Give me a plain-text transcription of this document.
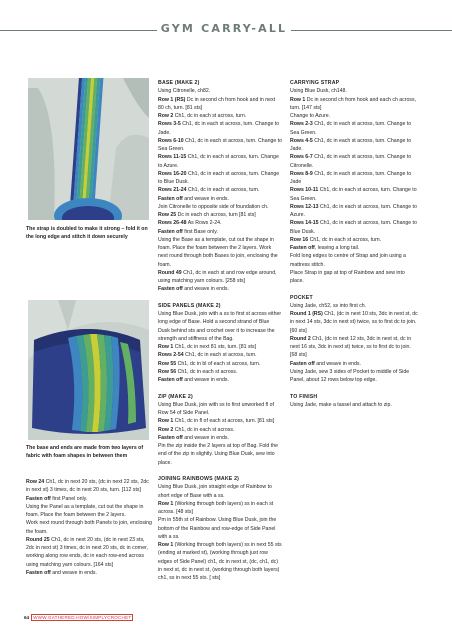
GYM CARRY-ALL
The strap is doubled to make it strong – fold it on the long edge and stitch it down securely
The base and ends are made from two layers of fabric with foam shapes in between them

Row 24 Ch1, dc in next 20 sts, (dc in next 22 sts, 2dc in next st) 3 times, dc in next 20 sts, turn. [112 sts]

Fasten off first Panel only.

Using the Panel as a template, cut out the shape in foam. Place the foam between the 2 layers.

Work next round through both Panels to join, enclosing the foam.

Round 25 Ch1, dc in next 20 sts, (dc in next 23 sts, 2dc in next st) 3 times, dc in next 20 sts, dc in corner, working along row ends, dc in each row-end across using matching yarn colours. [164 sts]

Fasten off and weave in ends.

BASE (MAKE 2)

Using Citronelle, ch82.

Row 1 (RS) Dc in second ch from hook and in next 80 ch, turn. [81 sts]

Row 2 Ch1, dc in each st across, turn.

Rows 3-5 Ch1, dc in each st across, turn. Change to Jade.

Rows 6-10 Ch1, dc in each st across, turn. Change to Sea Green.

Rows 11-15 Ch1, dc in each st across, turn. Change to Azure.

Rows 16-20 Ch1, dc in each st across, turn. Change to Blue Dusk.

Rows 21-24 Ch1, dc in each st across, turn.

Fasten off and weave in ends.

Join Citronelle to opposite side of foundation ch.

Row 25 Dc in each ch across, turn [81 sts]

Rows 26-48 As Rows 2-24.

Fasten off first Base only.

Using the Base as a template, cut out the shape in foam. Place the foam between the 2 layers. Work next round through both Bases to join, enclosing the foam.

Round 49 Ch1, dc in each st and row edge around, using matching yarn colours. [258 sts]

Fasten off and weave in ends.

SIDE PANELS (MAKE 2)

Using Blue Dusk, join with a ss to first st across either long edge of Base. Hold a second strand of Blue Dusk behind sts and crochet over it to increase the strength and stiffness of the Bag.

Row 1 Ch1, dc in next 81 sts, turn. [81 sts]

Rows 2-54 Ch1, dc in each st across, turn.

Row 55 Ch1, dc in bl of each st across, turn.

Row 56 Ch1, dc in each st across.

Fasten off and weave in ends.

ZIP (MAKE 2)

Using Blue Dusk, join with ss to first unworked fl of Row 54 of Side Panel.

Row 1 Ch1, dc in fl of each st across, turn. [81 sts]

Row 2 Ch1, dc in each st across.

Fasten off and weave in ends.

Pin the zip inside the 2 layers at top of Bag. Fold the end of the zip in slightly. Using Blue Dusk, sew into place.

JOINING RAINBOWS (MAKE 2)

Using Blue Dusk, join straight edge of Rainbow to short edge of Base with a ss.

Row 1 (Working through both layers) ss in each st across. [48 sts]

Pm in 55th st of Rainbow. Using Blue Dusk, join the bottom of the Rainbow and row-edge of Side Panel with a ss.

Row 1 (Working through both layers) ss in next 55 sts (ending at marked st), (working through just row edges of Side Panel) ch1, dc in next st, (dc, ch1, dc) in next st, dc in next st, (working through both layers) ch1, ss in next 55 sts. [ sts]

CARRYING STRAP

Using Blue Dusk, ch148.

Row 1 Dc in second ch from hook and each ch across, turn. [147 sts]

Change to Azure.

Rows 2-3 Ch1, dc in each st across, turn. Change to Sea Green.

Rows 4-5 Ch1, dc in each st across, turn. Change to Jade.

Rows 6-7 Ch1, dc in each st across, turn. Change to Citronelle.

Rows 8-9 Ch1, dc in each st across, turn. Change to Jade

Rows 10-11 Ch1, dc in each st across, turn. Change to Sea Green.

Rows 12-13 Ch1, dc in each st across, turn. Change to Azure.

Rows 14-15 Ch1, dc in each st across, turn. Change to Blue Dusk.

Row 16 Ch1, dc in each st across, turn.

Fasten off, leaving a long tail.

Fold long edges to centre of Strap and join using a mattress stitch.

Place Strap in gap at top of Rainbow and sew into place.

POCKET

Using Jade, ch52, ss into first ch.

Round 1 (RS) Ch1, (dc in next 10 sts, 3dc in next st, dc in next 14 sts, 3dc in next st) twice, ss to first dc to join. [60 sts]

Round 2 Ch1, (dc in next 12 sts, 3dc in next st, dc in next 16 sts, 3dc in next st) twice, ss to first dc to join. [68 sts]

Fasten off and weave in ends.

Using Jade, sew 3 sides of Pocket to middle of Side Panel, about 12 rows below top edge.

TO FINISH

Using Jade, make a tassel and attach to zip.

64 WWW.GATHERED.HOW/SIMPLYCROCHET
